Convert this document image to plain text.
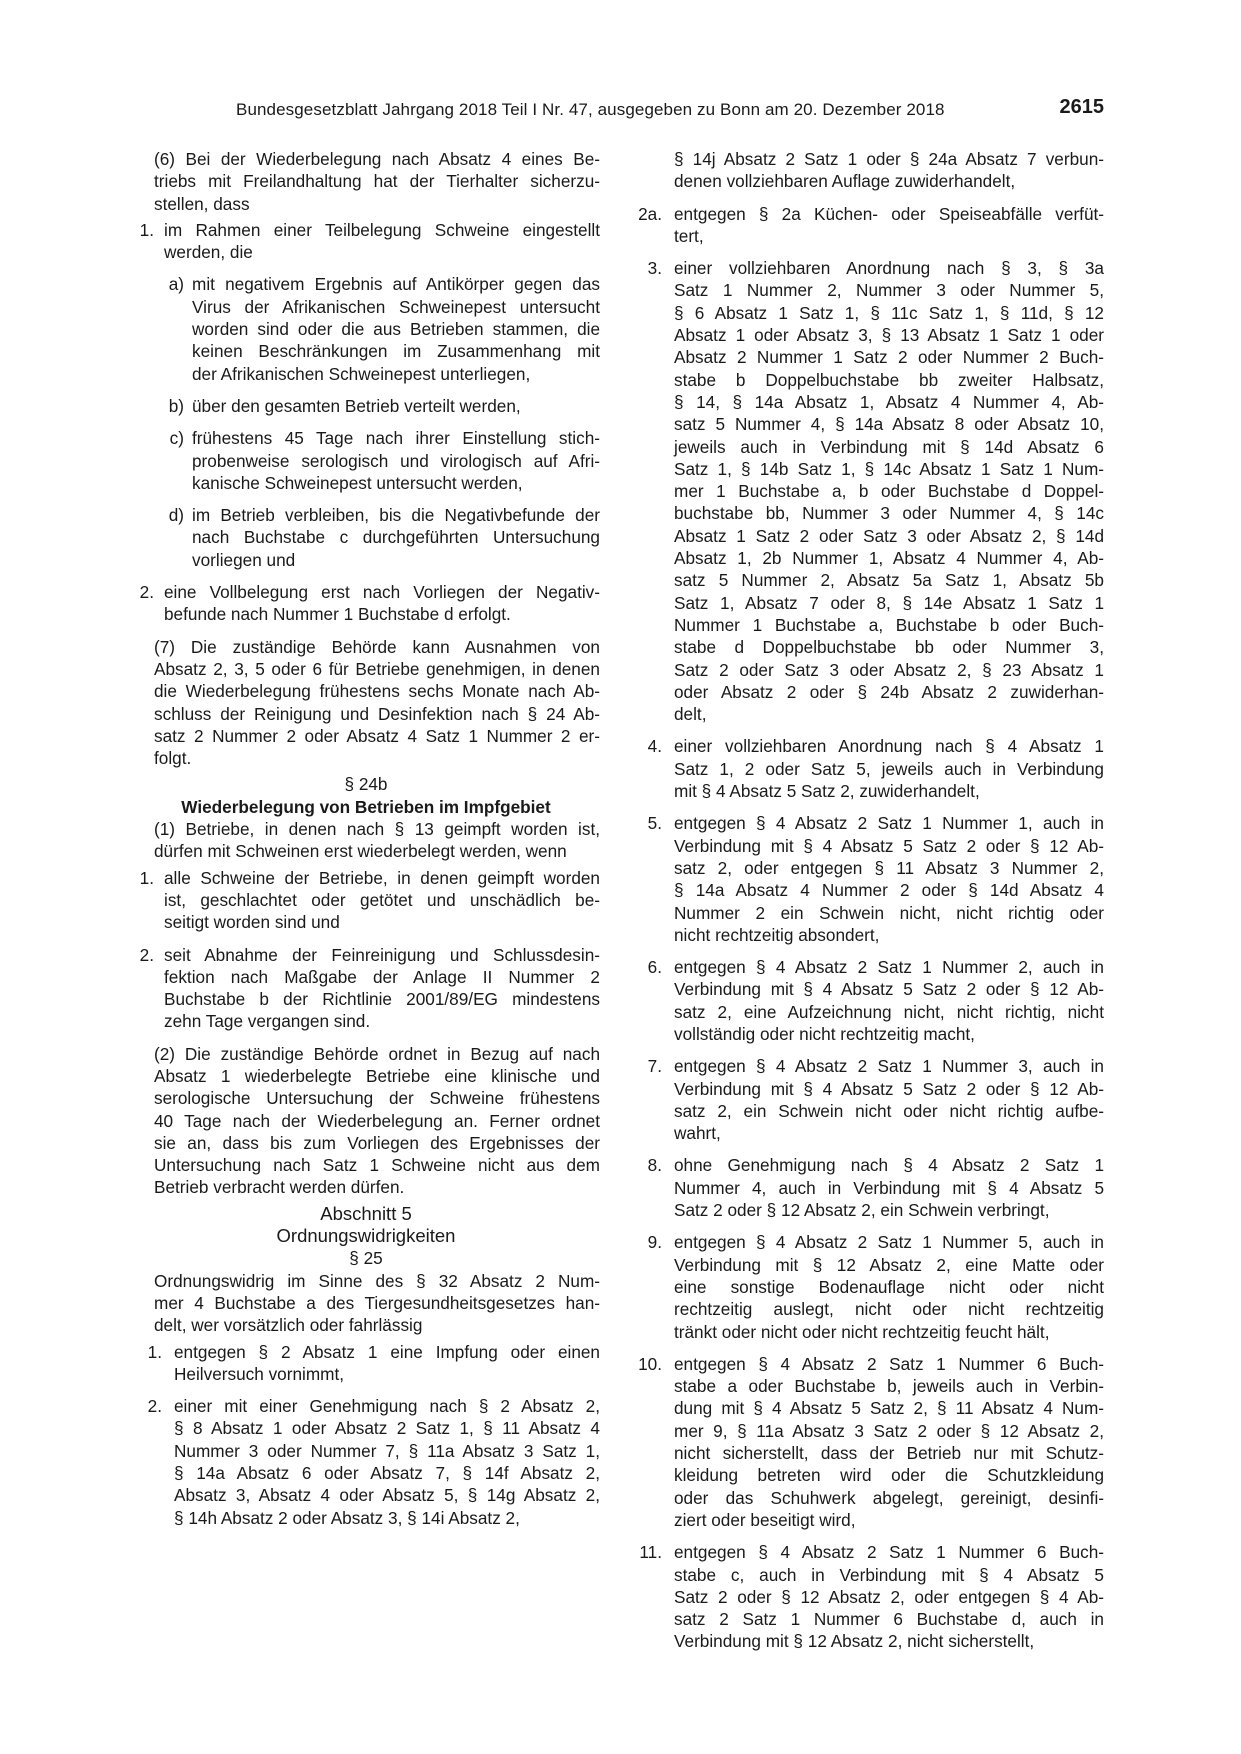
Bundesgesetzblatt Jahrgang 2018 Teil I Nr. 47, ausgegeben zu Bonn am 20. Dezember 2018	2615

(6) Bei der Wiederbelegung nach Absatz 4 eines Be-
triebs mit Freilandhaltung hat der Tierhalter sicherzu-
stellen, dass

1. im Rahmen einer Teilbelegung Schweine eingestellt
werden, die
a) mit negativem Ergebnis auf Antikörper gegen das
Virus der Afrikanischen Schweinepest untersucht
worden sind oder die aus Betrieben stammen, die
keinen Beschränkungen im Zusammenhang mit
der Afrikanischen Schweinepest unterliegen,
b) über den gesamten Betrieb verteilt werden,
c) frühestens 45 Tage nach ihrer Einstellung stich-
probenweise serologisch und virologisch auf Afri-
kanische Schweinepest untersucht werden,
d) im Betrieb verbleiben, bis die Negativbefunde der
nach Buchstabe c durchgeführten Untersuchung
vorliegen und
2. eine Vollbelegung erst nach Vorliegen der Negativ-
befunde nach Nummer 1 Buchstabe d erfolgt.

(7) Die zuständige Behörde kann Ausnahmen von
Absatz 2, 3, 5 oder 6 für Betriebe genehmigen, in denen
die Wiederbelegung frühestens sechs Monate nach Ab-
schluss der Reinigung und Desinfektion nach § 24 Ab-
satz 2 Nummer 2 oder Absatz 4 Satz 1 Nummer 2 er-
folgt.

§ 24b

Wiederbelegung von Betrieben im Impfgebiet

(1) Betriebe, in denen nach § 13 geimpft worden ist,
dürfen mit Schweinen erst wiederbelegt werden, wenn

1. alle Schweine der Betriebe, in denen geimpft worden
ist, geschlachtet oder getötet und unschädlich be-
seitigt worden sind und
2. seit Abnahme der Feinreinigung und Schlussdesin-
fektion nach Maßgabe der Anlage II Nummer 2
Buchstabe b der Richtlinie 2001/89/EG mindestens
zehn Tage vergangen sind.

(2) Die zuständige Behörde ordnet in Bezug auf nach
Absatz 1 wiederbelegte Betriebe eine klinische und
serologische Untersuchung der Schweine frühestens
40 Tage nach der Wiederbelegung an. Ferner ordnet
sie an, dass bis zum Vorliegen des Ergebnisses der
Untersuchung nach Satz 1 Schweine nicht aus dem
Betrieb verbracht werden dürfen.

Abschnitt 5

Ordnungswidrigkeiten

§ 25

Ordnungswidrig im Sinne des § 32 Absatz 2 Num-
mer 4 Buchstabe a des Tiergesundheitsgesetzes han-
delt, wer vorsätzlich oder fahrlässig

1. entgegen § 2 Absatz 1 eine Impfung oder einen
Heilversuch vornimmt,
2. einer mit einer Genehmigung nach § 2 Absatz 2,
§ 8 Absatz 1 oder Absatz 2 Satz 1, § 11 Absatz 4
Nummer 3 oder Nummer 7, § 11a Absatz 3 Satz 1,
§ 14a Absatz 6 oder Absatz 7, § 14f Absatz 2,
Absatz 3, Absatz 4 oder Absatz 5, § 14g Absatz 2,
§ 14h Absatz 2 oder Absatz 3, § 14i Absatz 2,
§ 14j Absatz 2 Satz 1 oder § 24a Absatz 7 verbun-
denen vollziehbaren Auflage zuwiderhandelt,
2a. entgegen § 2a Küchen- oder Speiseabfälle verfüt-
tert,
3. einer vollziehbaren Anordnung nach § 3, § 3a
Satz 1 Nummer 2, Nummer 3 oder Nummer 5,
§ 6 Absatz 1 Satz 1, § 11c Satz 1, § 11d, § 12
Absatz 1 oder Absatz 3, § 13 Absatz 1 Satz 1 oder
Absatz 2 Nummer 1 Satz 2 oder Nummer 2 Buch-
stabe b Doppelbuchstabe bb zweiter Halbsatz,
§ 14, § 14a Absatz 1, Absatz 4 Nummer 4, Ab-
satz 5 Nummer 4, § 14a Absatz 8 oder Absatz 10,
jeweils auch in Verbindung mit § 14d Absatz 6
Satz 1, § 14b Satz 1, § 14c Absatz 1 Satz 1 Num-
mer 1 Buchstabe a, b oder Buchstabe d Doppel-
buchstabe bb, Nummer 3 oder Nummer 4, § 14c
Absatz 1 Satz 2 oder Satz 3 oder Absatz 2, § 14d
Absatz 1, 2b Nummer 1, Absatz 4 Nummer 4, Ab-
satz 5 Nummer 2, Absatz 5a Satz 1, Absatz 5b
Satz 1, Absatz 7 oder 8, § 14e Absatz 1 Satz 1
Nummer 1 Buchstabe a, Buchstabe b oder Buch-
stabe d Doppelbuchstabe bb oder Nummer 3,
Satz 2 oder Satz 3 oder Absatz 2, § 23 Absatz 1
oder Absatz 2 oder § 24b Absatz 2 zuwiderhan-
delt,
4. einer vollziehbaren Anordnung nach § 4 Absatz 1
Satz 1, 2 oder Satz 5, jeweils auch in Verbindung
mit § 4 Absatz 5 Satz 2, zuwiderhandelt,
5. entgegen § 4 Absatz 2 Satz 1 Nummer 1, auch in
Verbindung mit § 4 Absatz 5 Satz 2 oder § 12 Ab-
satz 2, oder entgegen § 11 Absatz 3 Nummer 2,
§ 14a Absatz 4 Nummer 2 oder § 14d Absatz 4
Nummer 2 ein Schwein nicht, nicht richtig oder
nicht rechtzeitig absondert,
6. entgegen § 4 Absatz 2 Satz 1 Nummer 2, auch in
Verbindung mit § 4 Absatz 5 Satz 2 oder § 12 Ab-
satz 2, eine Aufzeichnung nicht, nicht richtig, nicht
vollständig oder nicht rechtzeitig macht,
7. entgegen § 4 Absatz 2 Satz 1 Nummer 3, auch in
Verbindung mit § 4 Absatz 5 Satz 2 oder § 12 Ab-
satz 2, ein Schwein nicht oder nicht richtig aufbe-
wahrt,
8. ohne Genehmigung nach § 4 Absatz 2 Satz 1
Nummer 4, auch in Verbindung mit § 4 Absatz 5
Satz 2 oder § 12 Absatz 2, ein Schwein verbringt,
9. entgegen § 4 Absatz 2 Satz 1 Nummer 5, auch in
Verbindung mit § 12 Absatz 2, eine Matte oder
eine sonstige Bodenauflage nicht oder nicht
rechtzeitig auslegt, nicht oder nicht rechtzeitig
tränkt oder nicht oder nicht rechtzeitig feucht hält,
10. entgegen § 4 Absatz 2 Satz 1 Nummer 6 Buch-
stabe a oder Buchstabe b, jeweils auch in Verbin-
dung mit § 4 Absatz 5 Satz 2, § 11 Absatz 4 Num-
mer 9, § 11a Absatz 3 Satz 2 oder § 12 Absatz 2,
nicht sicherstellt, dass der Betrieb nur mit Schutz-
kleidung betreten wird oder die Schutzkleidung
oder das Schuhwerk abgelegt, gereinigt, desinfi-
ziert oder beseitigt wird,
11. entgegen § 4 Absatz 2 Satz 1 Nummer 6 Buch-
stabe c, auch in Verbindung mit § 4 Absatz 5
Satz 2 oder § 12 Absatz 2, oder entgegen § 4 Ab-
satz 2 Satz 1 Nummer 6 Buchstabe d, auch in
Verbindung mit § 12 Absatz 2, nicht sicherstellt,
